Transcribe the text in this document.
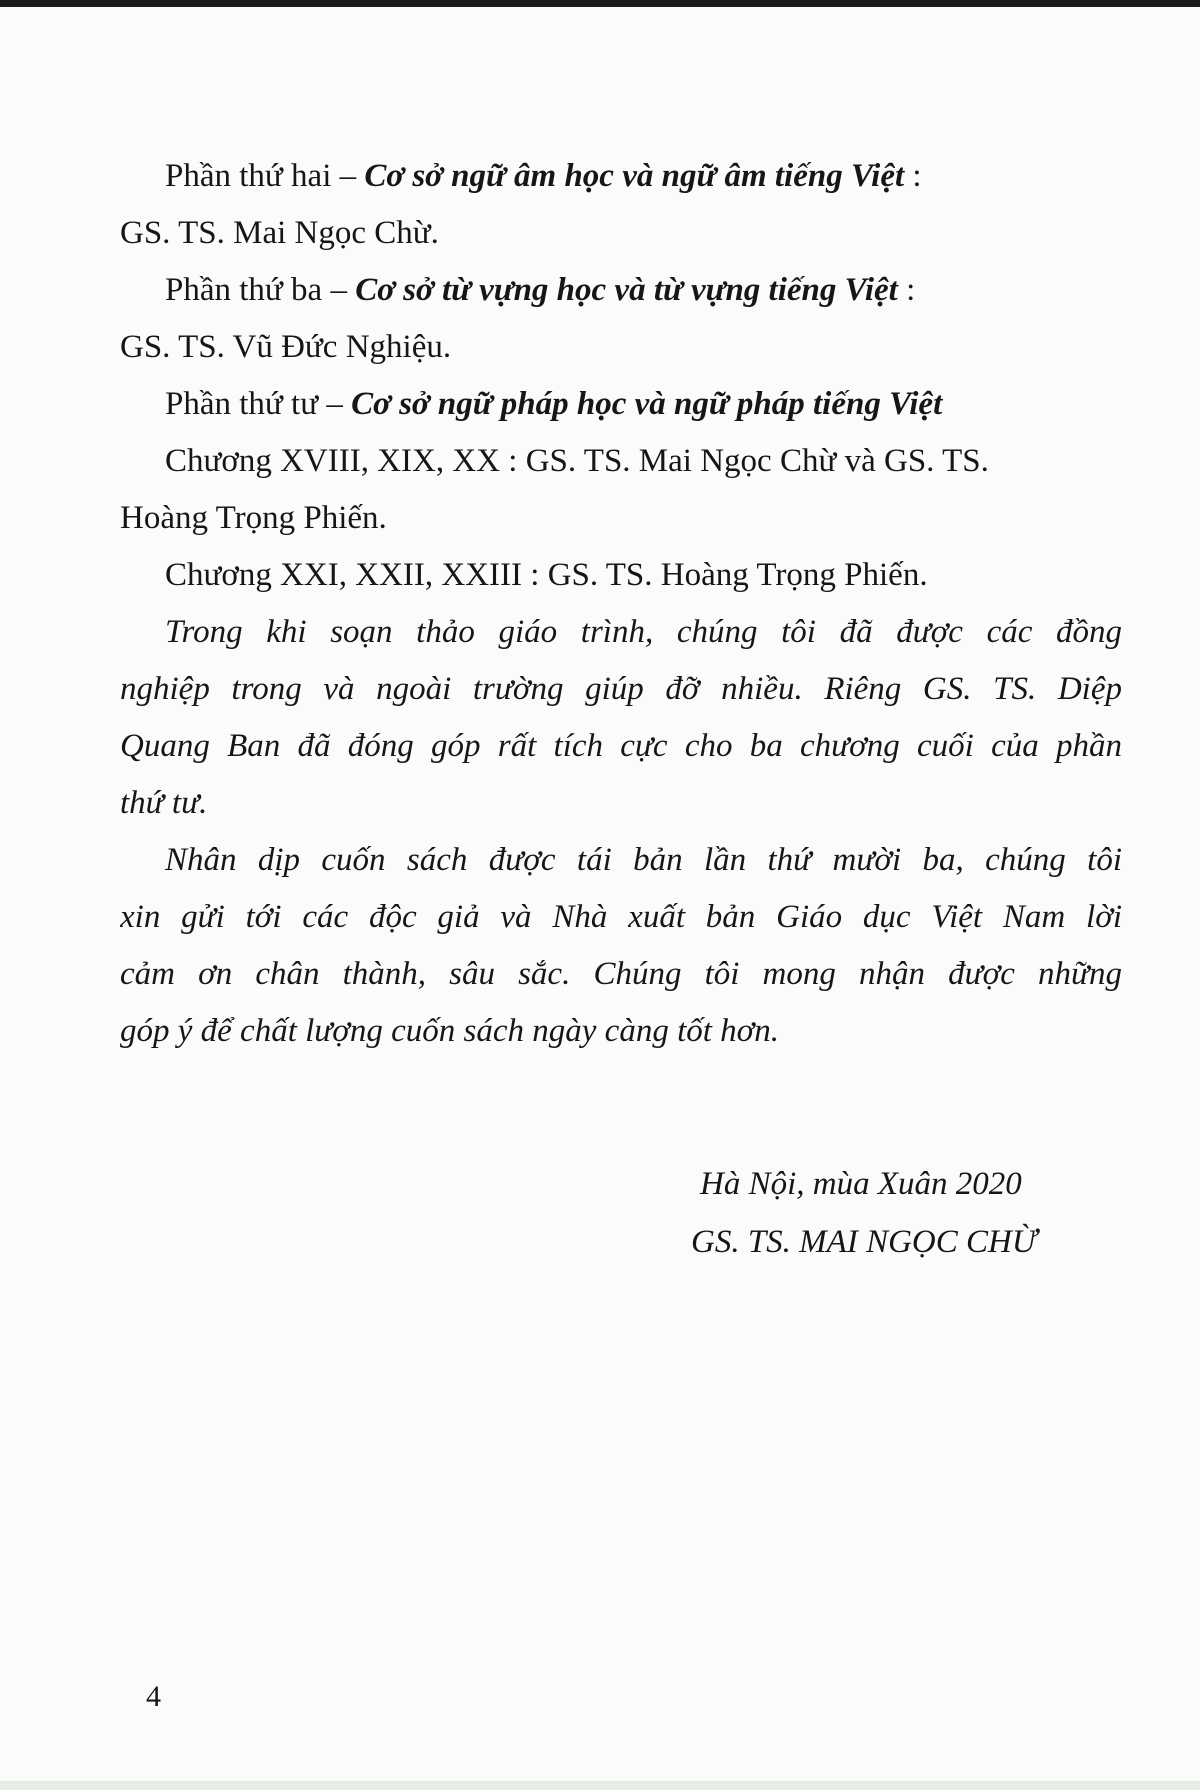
Phần thứ hai – Cơ sở ngữ âm học và ngữ âm tiếng Việt :
GS. TS. Mai Ngọc Chừ.
Phần thứ ba – Cơ sở từ vựng học và từ vựng tiếng Việt :
GS. TS. Vũ Đức Nghiệu.
Phần thứ tư – Cơ sở ngữ pháp học và ngữ pháp tiếng Việt
Chương XVIII, XIX, XX : GS. TS. Mai Ngọc Chừ và GS. TS.
Hoàng Trọng Phiến.
Chương XXI, XXII, XXIII : GS. TS. Hoàng Trọng Phiến.
Trong khi soạn thảo giáo trình, chúng tôi đã được các đồng
nghiệp trong và ngoài trường giúp đỡ nhiều. Riêng GS. TS. Diệp
Quang Ban đã đóng góp rất tích cực cho ba chương cuối của phần
thứ tư.
Nhân dịp cuốn sách được tái bản lần thứ mười ba, chúng tôi
xin gửi tới các độc giả và Nhà xuất bản Giáo dục Việt Nam lời
cảm ơn chân thành, sâu sắc. Chúng tôi mong nhận được những
góp ý để chất lượng cuốn sách ngày càng tốt hơn.
Hà Nội, mùa Xuân 2020
GS. TS. MAI NGỌC CHỪ
4
